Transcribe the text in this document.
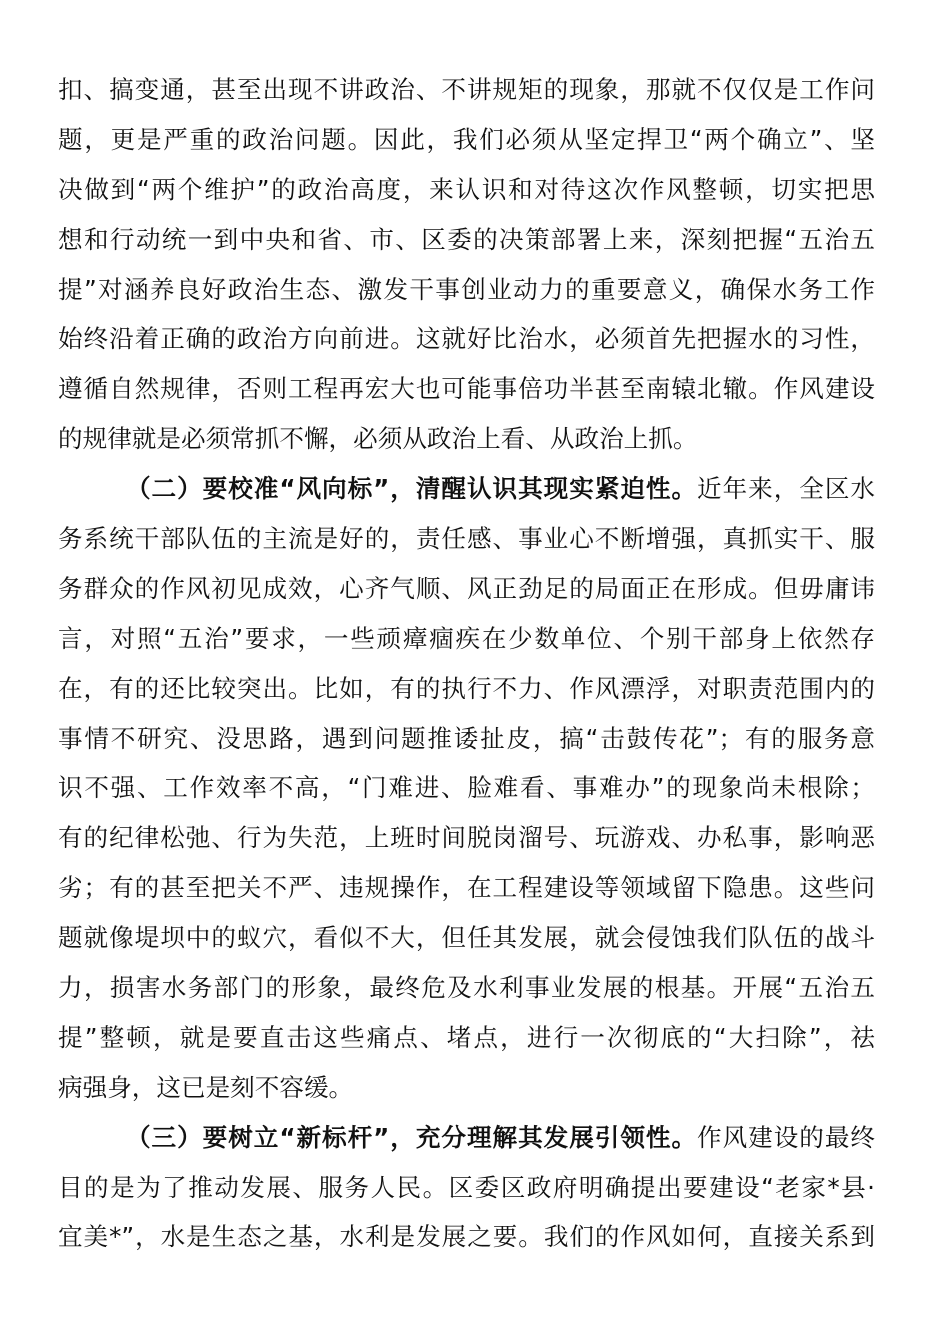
扣、搞变通，甚至出现不讲政治、不讲规矩的现象，那就不仅仅是工作问
题，更是严重的政治问题。因此，我们必须从坚定捍卫“两个确立”、坚
决做到“两个维护”的政治高度，来认识和对待这次作风整顿，切实把思
想和行动统一到中央和省、市、区委的决策部署上来，深刻把握“五治五
提”对涵养良好政治生态、激发干事创业动力的重要意义，确保水务工作
始终沿着正确的政治方向前进。这就好比治水，必须首先把握水的习性，
遵循自然规律，否则工程再宏大也可能事倍功半甚至南辕北辙。作风建设
的规律就是必须常抓不懈，必须从政治上看、从政治上抓。
（二）要校准“风向标”，清醒认识其现实紧迫性。近年来，全区水
务系统干部队伍的主流是好的，责任感、事业心不断增强，真抓实干、服
务群众的作风初见成效，心齐气顺、风正劲足的局面正在形成。但毋庸讳
言，对照“五治”要求，一些顽瘴痼疾在少数单位、个别干部身上依然存
在，有的还比较突出。比如，有的执行不力、作风漂浮，对职责范围内的
事情不研究、没思路，遇到问题推诿扯皮，搞“击鼓传花”；有的服务意
识不强、工作效率不高，“门难进、脸难看、事难办”的现象尚未根除；
有的纪律松弛、行为失范，上班时间脱岗溜号、玩游戏、办私事，影响恶
劣；有的甚至把关不严、违规操作，在工程建设等领域留下隐患。这些问
题就像堤坝中的蚁穴，看似不大，但任其发展，就会侵蚀我们队伍的战斗
力，损害水务部门的形象，最终危及水利事业发展的根基。开展“五治五
提”整顿，就是要直击这些痛点、堵点，进行一次彻底的“大扫除”，祛
病强身，这已是刻不容缓。
（三）要树立“新标杆”，充分理解其发展引领性。作风建设的最终
目的是为了推动发展、服务人民。区委区政府明确提出要建设“老家*县·
宜美*”，水是生态之基，水利是发展之要。我们的作风如何，直接关系到
